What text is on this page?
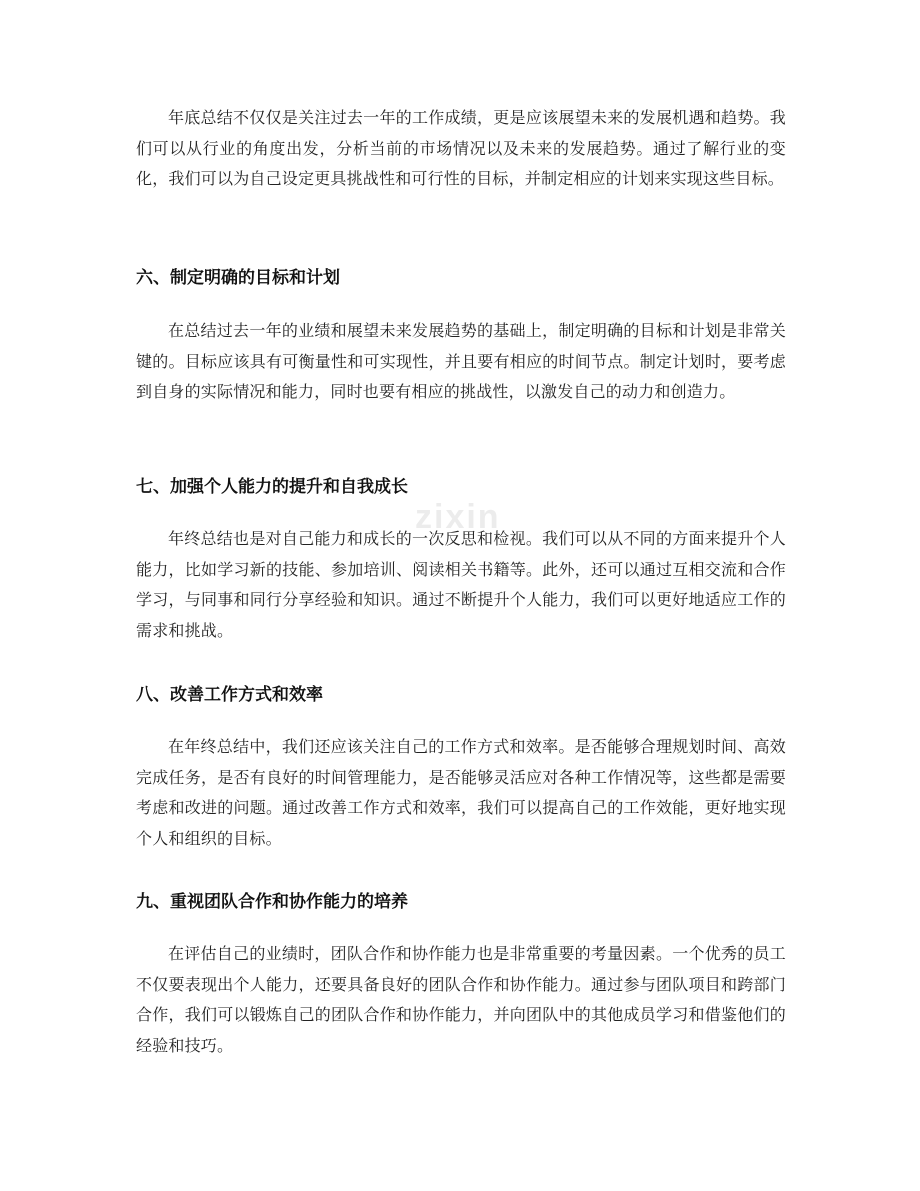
年底总结不仅仅是关注过去一年的工作成绩，更是应该展望未来的发展机遇和趋势。我们可以从行业的角度出发，分析当前的市场情况以及未来的发展趋势。通过了解行业的变化，我们可以为自己设定更具挑战性和可行性的目标，并制定相应的计划来实现这些目标。

六、制定明确的目标和计划

在总结过去一年的业绩和展望未来发展趋势的基础上，制定明确的目标和计划是非常关键的。目标应该具有可衡量性和可实现性，并且要有相应的时间节点。制定计划时，要考虑到自身的实际情况和能力，同时也要有相应的挑战性，以激发自己的动力和创造力。

七、加强个人能力的提升和自我成长

年终总结也是对自己能力和成长的一次反思和检视。我们可以从不同的方面来提升个人能力，比如学习新的技能、参加培训、阅读相关书籍等。此外，还可以通过互相交流和合作学习，与同事和同行分享经验和知识。通过不断提升个人能力，我们可以更好地适应工作的需求和挑战。

八、改善工作方式和效率

在年终总结中，我们还应该关注自己的工作方式和效率。是否能够合理规划时间、高效完成任务，是否有良好的时间管理能力，是否能够灵活应对各种工作情况等，这些都是需要考虑和改进的问题。通过改善工作方式和效率，我们可以提高自己的工作效能，更好地实现个人和组织的目标。

九、重视团队合作和协作能力的培养

在评估自己的业绩时，团队合作和协作能力也是非常重要的考量因素。一个优秀的员工不仅要表现出个人能力，还要具备良好的团队合作和协作能力。通过参与团队项目和跨部门合作，我们可以锻炼自己的团队合作和协作能力，并向团队中的其他成员学习和借鉴他们的经验和技巧。

zixin
